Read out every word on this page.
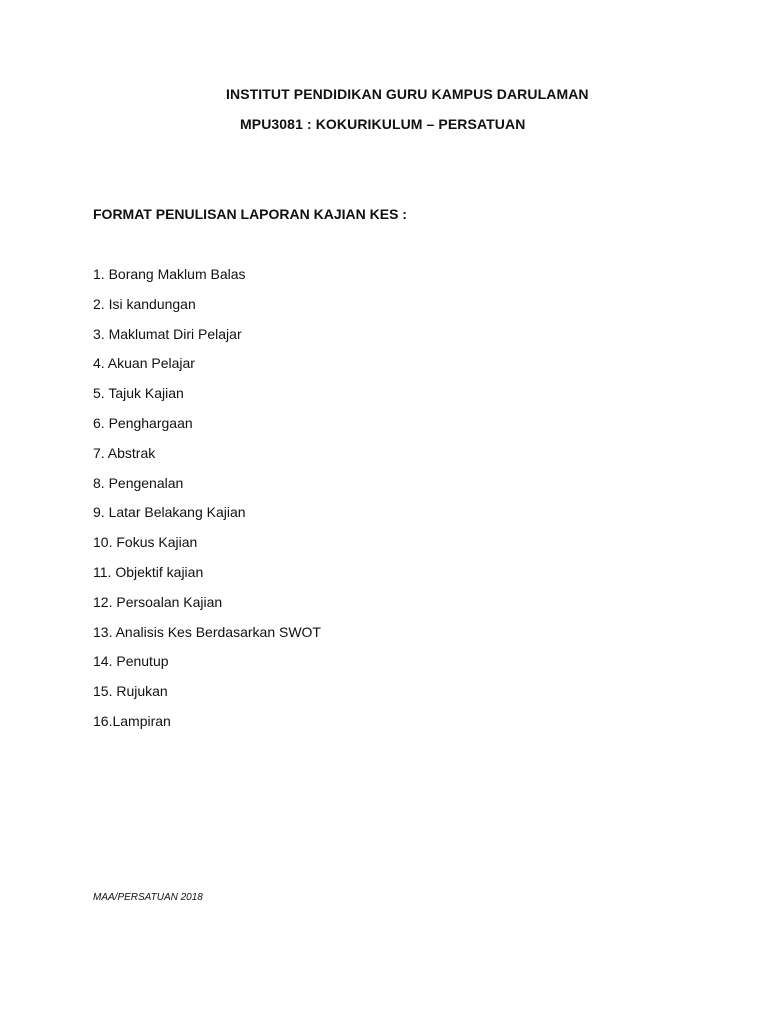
INSTITUT PENDIDIKAN GURU KAMPUS DARULAMAN
MPU3081 : KOKURIKULUM – PERSATUAN
FORMAT PENULISAN LAPORAN KAJIAN KES :
1. Borang Maklum Balas
2. Isi kandungan
3. Maklumat Diri Pelajar
4. Akuan Pelajar
5. Tajuk Kajian
6. Penghargaan
7. Abstrak
8. Pengenalan
9. Latar Belakang Kajian
10. Fokus Kajian
11. Objektif kajian
12. Persoalan Kajian
13. Analisis Kes Berdasarkan SWOT
14. Penutup
15. Rujukan
16.Lampiran
MAA/PERSATUAN 2018
